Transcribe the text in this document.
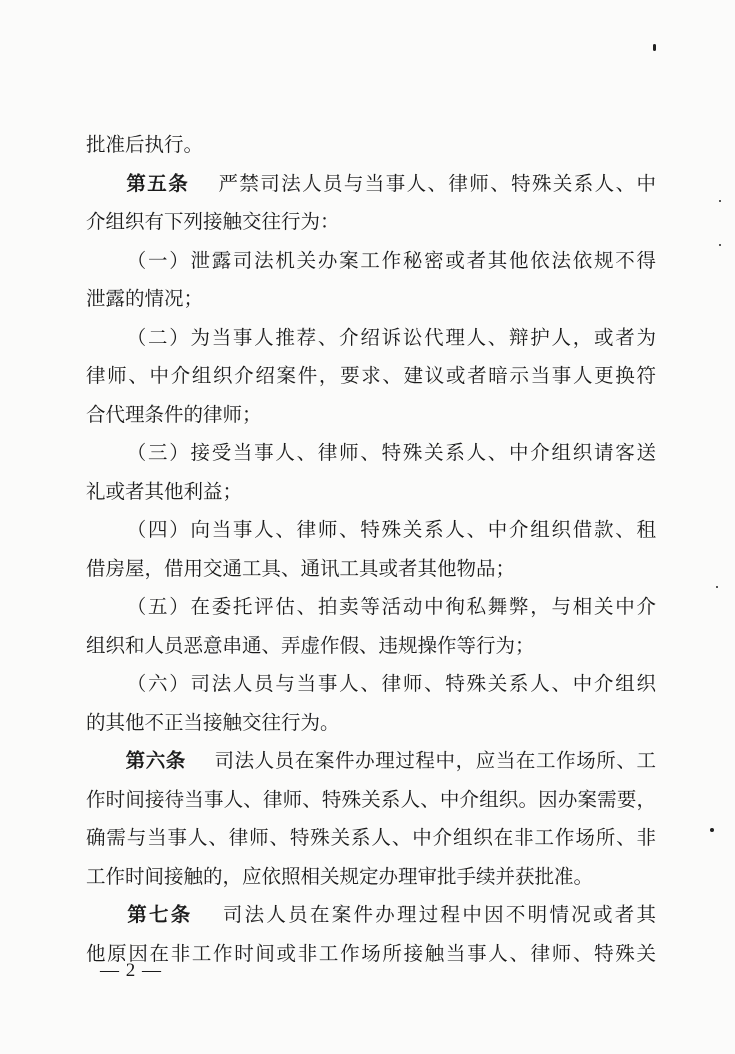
批准后执行。
第五条 严禁司法人员与当事人、律师、特殊关系人、中
介组织有下列接触交往行为：
（一）泄露司法机关办案工作秘密或者其他依法依规不得
泄露的情况；
（二）为当事人推荐、介绍诉讼代理人、辩护人，或者为
律师、中介组织介绍案件，要求、建议或者暗示当事人更换符
合代理条件的律师；
（三）接受当事人、律师、特殊关系人、中介组织请客送
礼或者其他利益；
（四）向当事人、律师、特殊关系人、中介组织借款、租
借房屋，借用交通工具、通讯工具或者其他物品；
（五）在委托评估、拍卖等活动中徇私舞弊，与相关中介
组织和人员恶意串通、弄虚作假、违规操作等行为；
（六）司法人员与当事人、律师、特殊关系人、中介组织
的其他不正当接触交往行为。
第六条 司法人员在案件办理过程中，应当在工作场所、工
作时间接待当事人、律师、特殊关系人、中介组织。因办案需要，
确需与当事人、律师、特殊关系人、中介组织在非工作场所、非
工作时间接触的，应依照相关规定办理审批手续并获批准。
第七条 司法人员在案件办理过程中因不明情况或者其
他原因在非工作时间或非工作场所接触当事人、律师、特殊关
— 2 —
